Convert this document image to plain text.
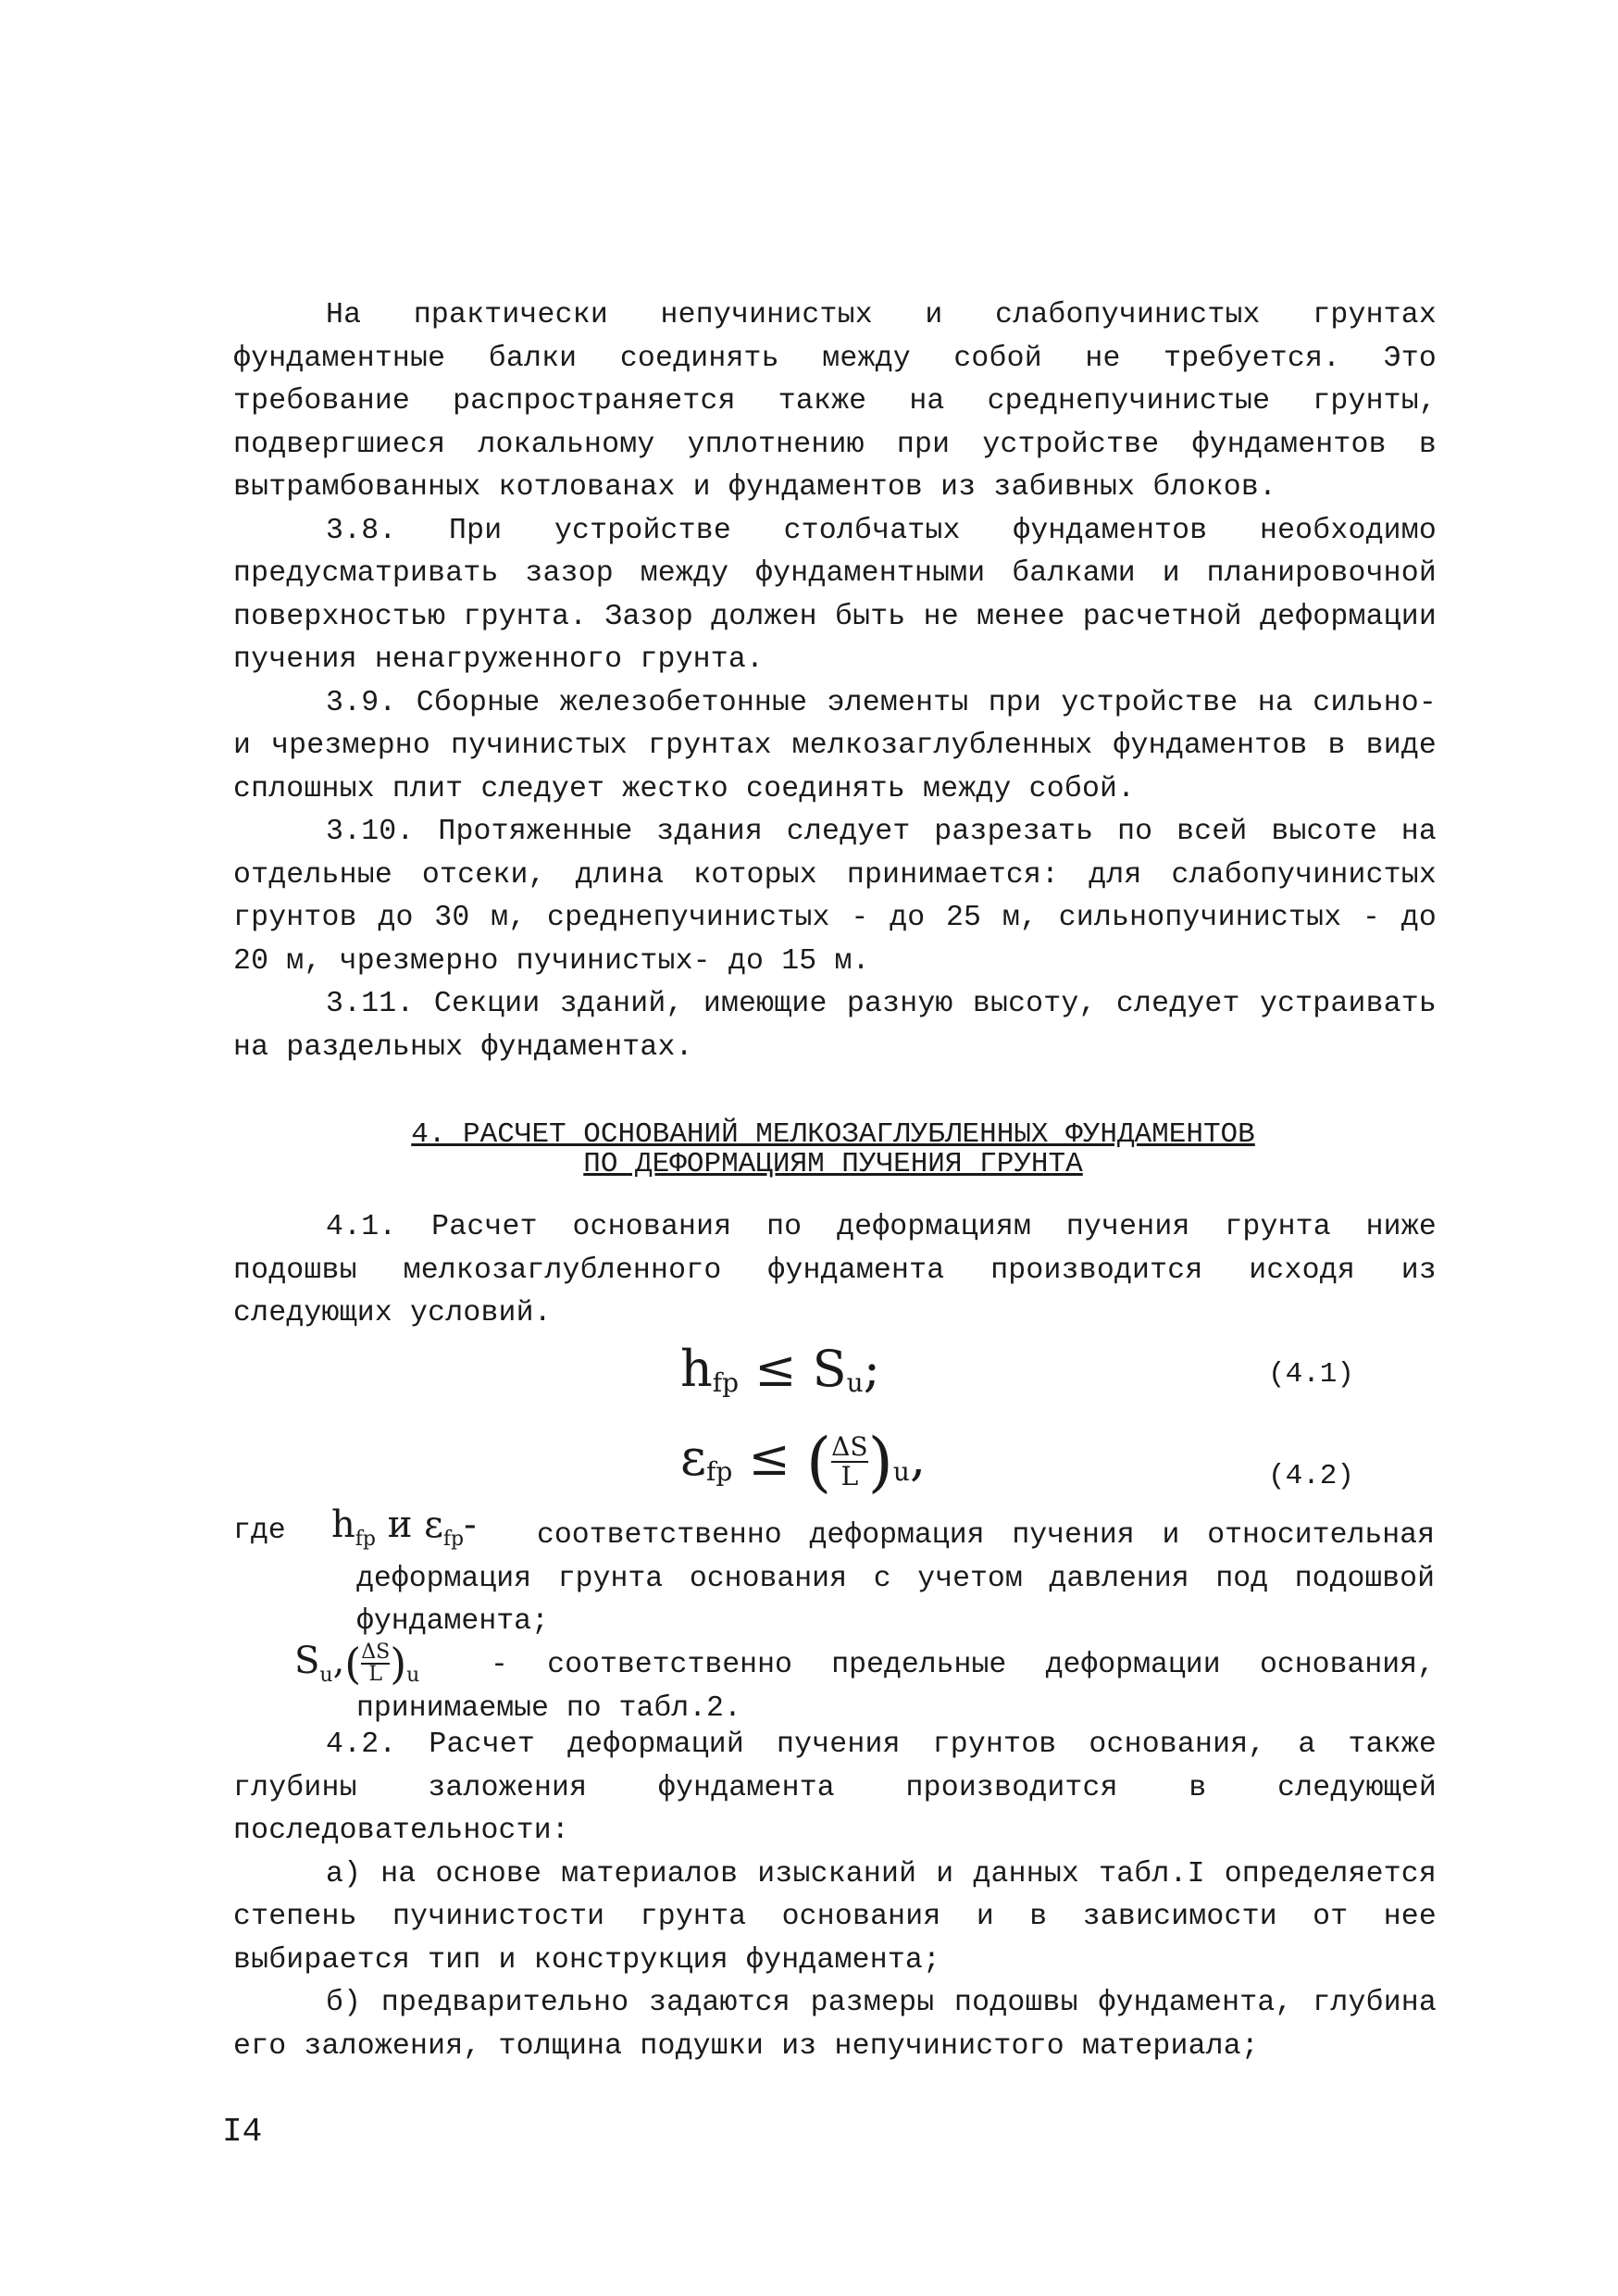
На практически непучинистых и слабопучинистых грунтах фундаментные балки соединять между собой не требуется. Это требование распространяется также на среднепучинистые грунты, подвергшиеся локальному уплотнению при устройстве фундаментов в вытрамбованных котлованах и фундаментов из забивных блоков.

3.8. При устройстве столбчатых фундаментов необходимо предусматривать зазор между фундаментными балками и планировочной поверхностью грунта. Зазор должен быть не менее расчетной деформации пучения ненагруженного грунта.

3.9. Сборные железобетонные элементы при устройстве на сильно- и чрезмерно пучинистых грунтах мелкозаглубленных фундаментов в виде сплошных плит следует жестко соединять между собой.

3.10. Протяженные здания следует разрезать по всей высоте на отдельные отсеки, длина которых принимается: для слабопучинистых грунтов до 30 м, среднепучинистых - до 25 м, сильнопучинистых - до 20 м, чрезмерно пучинистых- до 15 м.

3.11. Секции зданий, имеющие разную высоту, следует устраивать на раздельных фундаментах.

4. РАСЧЕТ ОСНОВАНИЙ МЕЛКОЗАГЛУБЛЕННЫХ ФУНДАМЕНТОВ
ПО ДЕФОРМАЦИЯМ ПУЧЕНИЯ ГРУНТА

4.1. Расчет основания по деформациям пучения грунта ниже подошвы мелкозаглубленного фундамента производится исходя из следующих условий.

$h_{fp} \le S_u$;	(4.1)
$\varepsilon_{fp}$ ≤ ( $\frac{\Delta S}{L} )_u$,	(4.2)
где $h_{fp}$ и $\varepsilon_{fp}-$	соответственно деформация пучения и относительная деформация грунта основания с учетом давления под подошвой фундамента;
$S_u,( \frac{\Delta S}{L} )_u$	- соответственно предельные деформации основания, принимаемые по табл.2.

4.2. Расчет деформаций пучения грунтов основания, а также глубины заложения фундамента производится в следующей последовательности:

а) на основе материалов изысканий и данных табл.I определяется степень пучинистости грунта основания и в зависимости от нее выбирается тип и конструкция фундамента;

б) предварительно задаются размеры подошвы фундамента, глубина его заложения, толщина подушки из непучинистого материала;

I4
